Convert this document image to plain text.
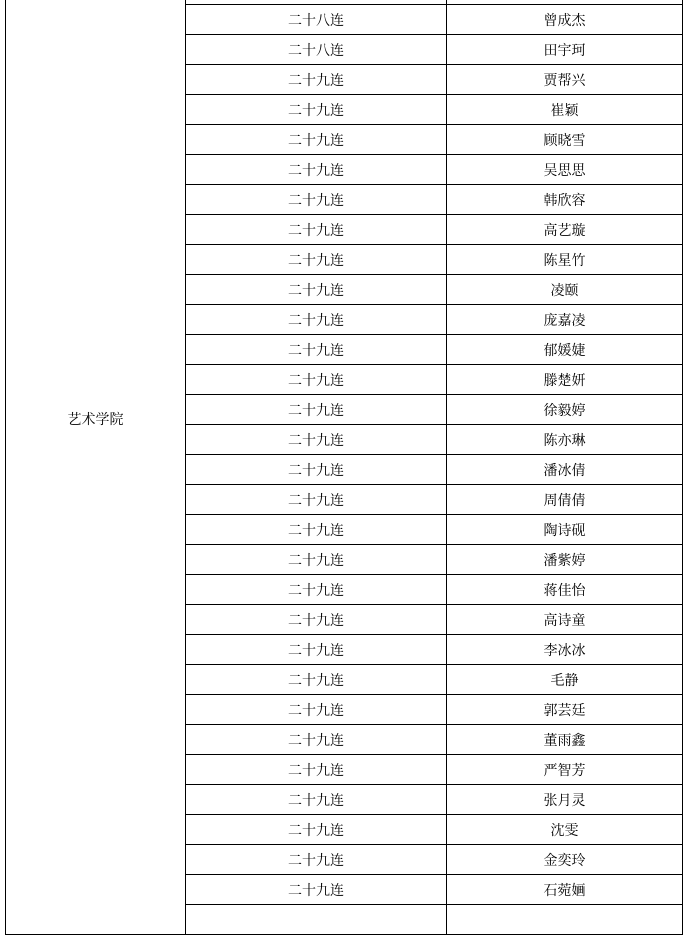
艺术学院		
	二十八连	曾成杰
	二十八连	田宇珂
	二十九连	贾帮兴
	二十九连	崔颖
	二十九连	顾晓雪
	二十九连	吴思思
	二十九连	韩欣容
	二十九连	高艺璇
	二十九连	陈星竹
	二十九连	凌颐
	二十九连	庞嘉凌
	二十九连	郁媛婕
	二十九连	滕楚妍
	二十九连	徐毅婷
	二十九连	陈亦琳
	二十九连	潘冰倩
	二十九连	周倩倩
	二十九连	陶诗砚
	二十九连	潘紫婷
	二十九连	蒋佳怡
	二十九连	高诗童
	二十九连	李冰冰
	二十九连	毛静
	二十九连	郭芸廷
	二十九连	董雨鑫
	二十九连	严智芳
	二十九连	张月灵
	二十九连	沈雯
	二十九连	金奕玲
	二十九连	石菀婳
